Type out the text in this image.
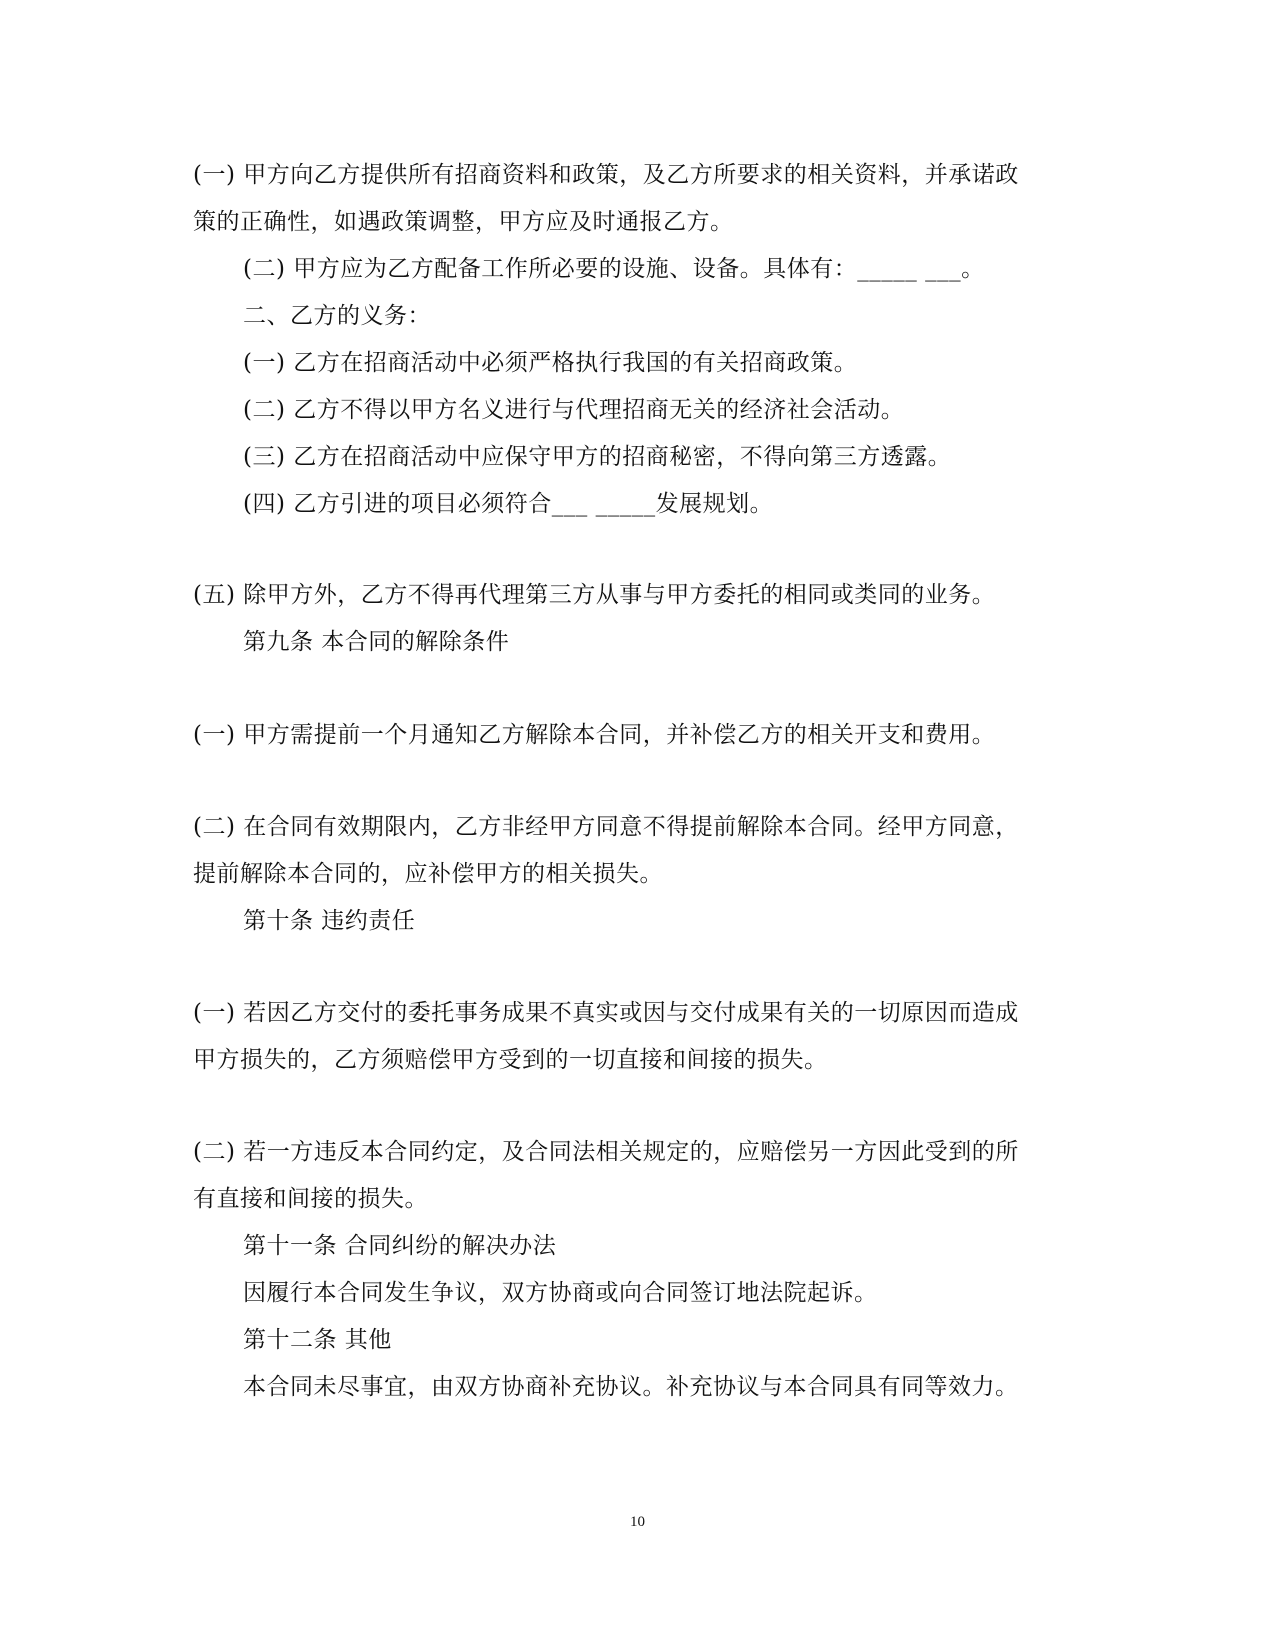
(一) 甲方向乙方提供所有招商资料和政策，及乙方所要求的相关资料，并承诺政
策的正确性，如遇政策调整，甲方应及时通报乙方。
(二) 甲方应为乙方配备工作所必要的设施、设备。具体有：_____ ___。
二、乙方的义务：
(一) 乙方在招商活动中必须严格执行我国的有关招商政策。
(二) 乙方不得以甲方名义进行与代理招商无关的经济社会活动。
(三) 乙方在招商活动中应保守甲方的招商秘密，不得向第三方透露。
(四) 乙方引进的项目必须符合___ _____发展规划。
(五) 除甲方外，乙方不得再代理第三方从事与甲方委托的相同或类同的业务。
第九条 本合同的解除条件
(一) 甲方需提前一个月通知乙方解除本合同，并补偿乙方的相关开支和费用。
(二) 在合同有效期限内，乙方非经甲方同意不得提前解除本合同。经甲方同意，
提前解除本合同的，应补偿甲方的相关损失。
第十条 违约责任
(一) 若因乙方交付的委托事务成果不真实或因与交付成果有关的一切原因而造成
甲方损失的，乙方须赔偿甲方受到的一切直接和间接的损失。
(二) 若一方违反本合同约定，及合同法相关规定的，应赔偿另一方因此受到的所
有直接和间接的损失。
第十一条 合同纠纷的解决办法
因履行本合同发生争议，双方协商或向合同签订地法院起诉。
第十二条 其他
本合同未尽事宜，由双方协商补充协议。补充协议与本合同具有同等效力。
10
